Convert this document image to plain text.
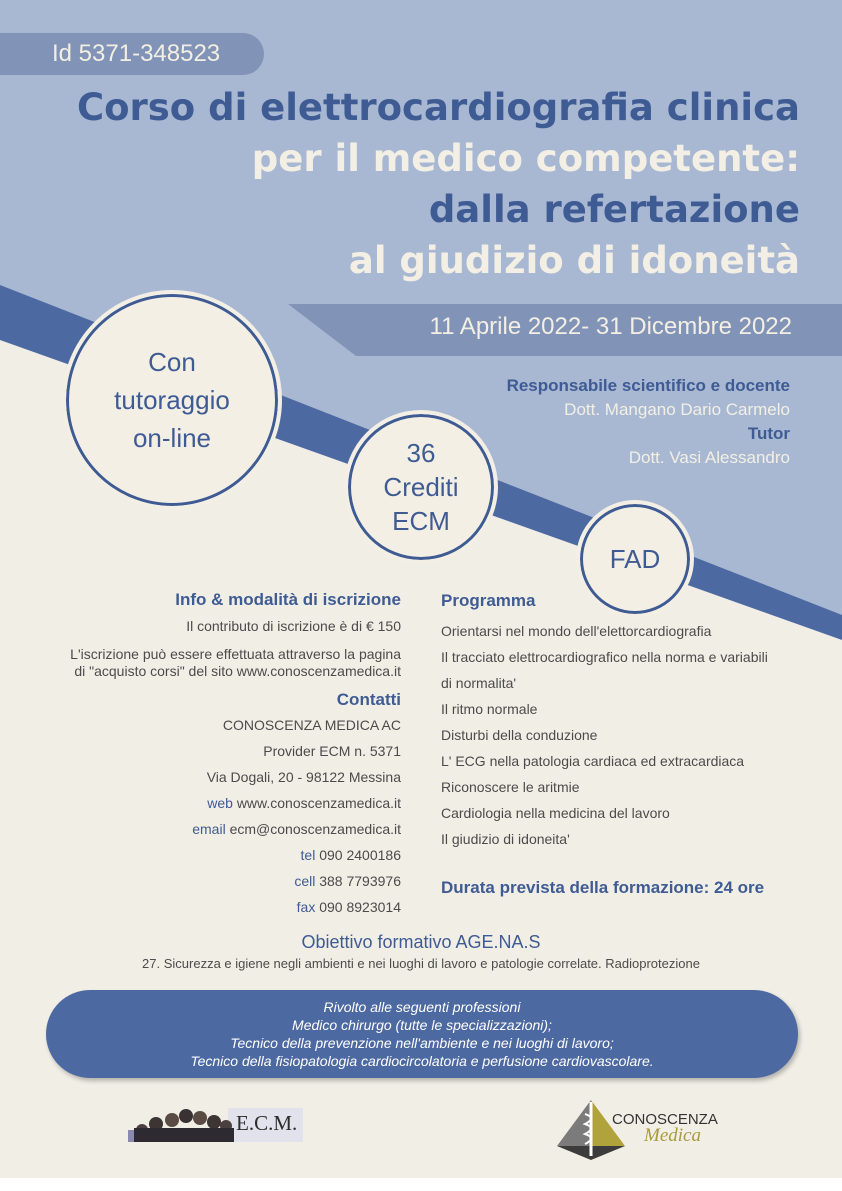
Id 5371-348523
Corso di elettrocardiografia clinica
per il medico competente:
dalla refertazione
al giudizio di idoneità
11 Aprile 2022- 31 Dicembre 2022
Con
tutoraggio
on-line	36
Crediti
ECM
FAD
Responsabile scientifico e docente
Dott. Mangano Dario Carmelo
Tutor
Dott. Vasi Alessandro
Info & modalità di iscrizione
Il contributo di iscrizione è di € 150
L'iscrizione può essere effettuata attraverso la pagina
di "acquisto corsi" del sito www.conoscenzamedica.it
Contatti
CONOSCENZA MEDICA AC
Provider ECM n. 5371
Via Dogali, 20 - 98122 Messina
web www.conoscenzamedica.it
email ecm@conoscenzamedica.it
tel 090 2400186
cell 388 7793976
fax 090 8923014
Programma
Orientarsi nel mondo dell'elettorcardiografia
Il tracciato elettrocardiografico nella norma e variabili
di normalita'
Il ritmo normale
Disturbi della conduzione
L' ECG nella patologia cardiaca ed extracardiaca
Riconoscere le aritmie
Cardiologia nella medicina del lavoro
Il giudizio di idoneita'
Durata prevista della formazione: 24 ore
Obiettivo formativo AGE.NA.S
27. Sicurezza e igiene negli ambienti e nei luoghi di lavoro e patologie correlate. Radioprotezione
Rivolto alle seguenti professioni
Medico chirurgo (tutte le specializzazioni);
Tecnico della prevenzione nell'ambiente e nei luoghi di lavoro;
Tecnico della fisiopatologia cardiocircolatoria e perfusione cardiovascolare.
E.C.M.	CONOSCENZA
Medica
